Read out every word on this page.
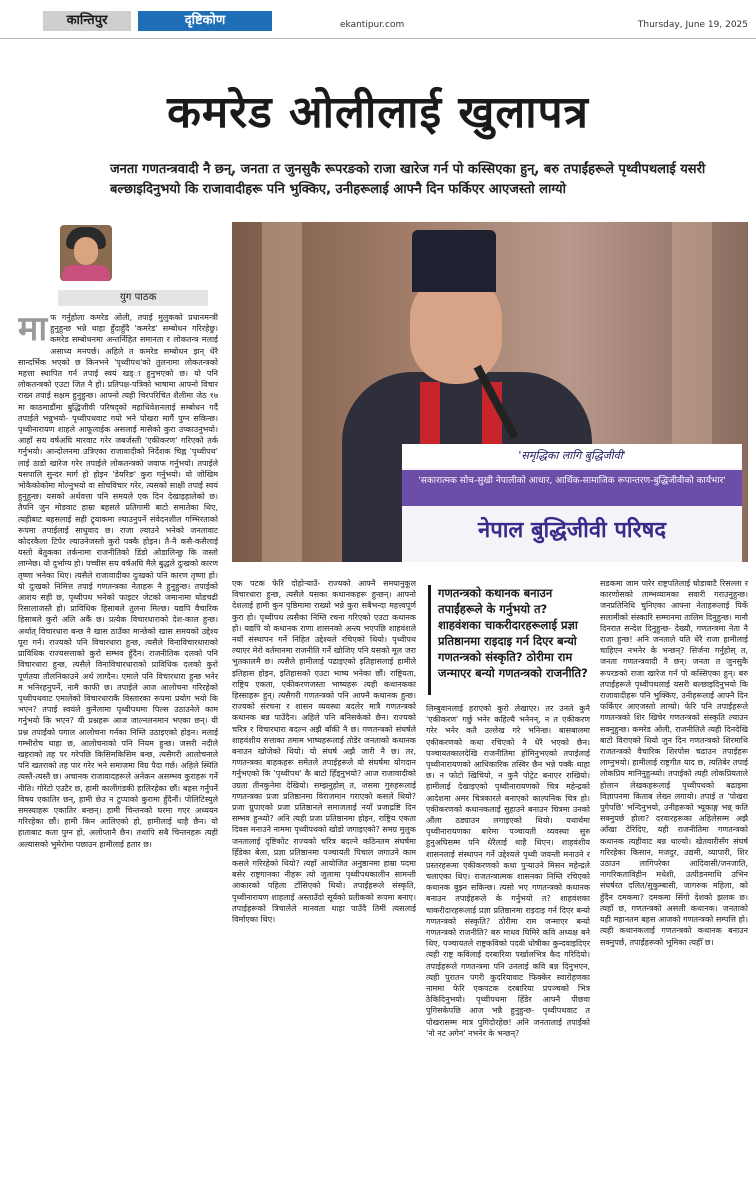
कान्तिपुर	दृष्टिकोण	ekantipur.com	Thursday, June 19, 2025
कमरेड ओलीलाई खुलापत्र
जनता गणतन्त्रवादी नै छन्, जनता त जुनसुकै रूपरङको राजा खारेज गर्न पो कस्सिएका हुन्, बरु तपाईंहरूले पृथ्वीपथलाई यसरी बल्छाइदिनुभयो कि राजावादीहरू पनि भुक्किए, उनीहरूलाई आफ्नै दिन फर्किएर आएजस्तो लाग्यो
युग पाठक
'समृद्धिका लागि बुद्धिजीवी'
'सकारात्मक सोच-सुखी नेपालीको आधार, आर्थिक-सामाजिक रूपान्तरण-बुद्धिजीवीको कार्यभार'
नेपाल बुद्धिजीवी परिषद
मा फ गर्नुहोला कमरेड ओली, तपाई मुलुकको प्रधानमन्त्री हुनुहुन्छ भन्ने थाहा हुँदाहुँदै 'कमरेड' सम्बोधन गरिरहेछु। कमरेड सम्बोधनमा अन्तर्निहित समानता र लोकतन्त्र मलाई असाध्य मनपर्छ। अहिले त कमरेड सम्बोधन झन् धेरै सान्दर्भिक भएको छ किनभने 'पृथ्वीपथ'को तुलनामा लोकतन्त्रको महत्ता स्थापित गर्न तपाई स्वयं खड्ा हुनुभएको छ। यो पनि लोकतन्त्रको एउटा जित नै हो। प्रतिपक्ष-पत्रिको भाषामा आफ्नो विचार राख्न तपाई सक्षम हुनुहुन्छ। आफ्नो त्यही चिरपरिचित शैलीमा जेठ १७ मा काठमाडौंमा बुद्धिजीवी परिषद्को महाधिवेशनलाई सम्बोधन गर्दै तपाईले भन्नुभयो- पृथ्वीपथवाट गयो भने पोखरा मार्गै पुग्न सकिन्छ। पृथ्वीनारायण शाहले आफूलाईक असलाई मासेको कुरा उप्काउनुभयो। आहाँ सय वर्षअघि मारवाट गरेर जबर्जस्ती 'एकीकरण' गरिएको तर्क गर्नुभयो। आन्दोलनमा उत्रिएका राजावादीको निर्देशक चिह्न 'पृथ्वीपथ' लाई ठाडो खारेज गरेर तपाईले लोकतन्त्रको जवाफ गर्नुभयो। तपाईले यसपालि सुन्दर मार्ग हो होइन 'डेयरिङ' कुरा गर्नुभयो। यो जोखिम भोकैकोकोमा मोल्नुभयो वा सोचविचार गरेर, त्यसको साक्षी तपाई स्वयं हुनुहुन्छ। यसको अर्थवत्ता पनि समयले एक दिन देखाइहालेको छ। तैपनि जुन मोडवाट हाम्रा बहसले प्रतिगामी बाटो समातेका थिए, त्यहीबाट बहसलाई सही ट्र्याकमा ल्याउनुपर्ने संवेदनशील गम्भिरताको रूपमा तपाईलाई साधुवाद छ। राजा ल्याउने भनेको जनतावाट कोदरकैला टिपेर ल्याउनेजस्तो कुरो पक्कै होइन। तै-नै कसै-कसैलाई यस्तो बेतुकका तर्कनामा राजनीतिको डिंडो ओडालिन्छु कि जस्तो लाग्नेछ। यो दुर्भाग्य हो। पच्चीस सय वर्षअघि मैले बुद्धले दुःखको कारण तृष्णा भनेका थिए। त्यसैले राजावादीका दुःखको पनि कारण तृष्णा हो। यो दुःखको निमित्त तपाई गणतन्त्रका नेताहरू नै हुनुहुन्छ। तपाईको आशय सही छ, पृथ्वीपथ भनेको फाइटर जेटको जमानामा घोडचढी रिसालाजस्तै हो। प्राविधिक हिसाबले तुलना मिल्छ। यद्यपि वैचारिक हिसाबले कुरो अलि अर्कै छ। प्रत्येक विचारधाराको देश-काल हुन्छ। अर्थात् विचारधारा बन्छ नै खास ठाउँका मान्छेको खास समयको उद्देश्य पूरा गर्न। राज्यको पनि विचारधारा हुन्छ, त्यसैले विनाविचारधाराको प्राविधिक राज्यसत्ताको कुरो सम्भव हुँदैन। राजनीतिक दलको पनि विचारधारा हुन्छ, त्यसैले विनाविचारधाराको प्राविधिक दलको कुरो पूर्णतया तौलनिकाउने अर्थ लाग्दैन। एमाले पनि विचारधारा हुन्छ भनेर म भनिरहनुपर्ने, नामै काफी छ। तपाईले आज आलोचना गरिरहेको पृथ्वीपथवाट एमालेको विचारधाराकै विस्तारका रूपमा प्रयोग भयो कि भएन? तपाई स्वयंले कुनैलामा पृथ्वीपथमा पिल्स उठाउनेले काम गर्नुभयो कि भएन? यी प्रश्नहरू आज जाल्नलनमान भएका छन्। यी प्रश्न तपाईको पगाल आलोचना गर्नका निम्ति उठाइएको होइन। मलाई गम्भीरोच थाहा छ, आलोचनाको पनि नियम हुन्छ। जसरी नदीले खहराको तह पर गरेपछि किसिमकिसिम बन्छ, त्यसैगरी आलोचनाले पनि खतराको तह पार गरेर भने समाजमा विग्र पैदा गर्छ। अहिले स्थिति त्यस्तै-त्यस्तै छ। अचानक राजावादहरूले अनेकन असम्भव कुराहरू गर्ने नीति। गोरेटो एउटैर छ, हामी कालीगंडकी हालिरहेका छौं। बहस गर्नुपर्ने विषय एकातिर छन्, हामी छेउ न टुप्पाको कुरामा हुँदैनौं। पोलिटिस्युले समस्याहरू एकातिर बन्छन्। हामी चिन्तनको घरमा गएर अध्ययन गरिरहेका छौं। हामी किन आलिएको हो, हामीलाई थाहै छैन। यो हाताबाट कता पुग्न हो, अलोप्तानै छैन। तथापि सबै चिन्तनहरू त्यही अल्यासको भुमेरोमा पछाउन हामीलाई हतार छ।
एक पटक फेरि दोहोऱ्याउँ- राज्यको आफ्नै समयानुकूल विचारधारा हुन्छ, त्यसैले यसका कथानकहरू हुन्छन्। आफ्नो देशलाई हामी कुन पृष्ठिमामा राख्यो भन्ने कुरा सबैभन्दा महत्त्वपूर्ण कुरा हो। पृथ्वीपथ त्यसैका निम्ति रचना गरिएको एउटा कथानक हो। यद्यपि यो कथानक राणा शासनको अन्त्य भएपछि शाहवंशले नयाँ संस्थापन गर्ने निहित उद्देश्यले रचिएको थियो। पृथ्वीपथ ल्याएर मेरो वर्तमानमा राजनीति गर्ने खोजिए पनि यसको मूल जरा भुतकालमै छ। त्यसैले हामीलाई पढाइएको इतिहासलाई हामीले इतिहास होइन, इतिहासको एउटा भाष्य भनेका छौं। राष्ट्रियता, राष्ट्रिय एकता, एकीकरणजस्ता भाष्यहरू त्यही कथानकका हिस्साहरू हुन्। त्यसैगरी गणतन्त्रको पनि आफ्नै कथानक हुन्छ। राज्यको संरचना र शासन व्यवस्था बदलेर मात्रै गणतन्त्रको कथानक बन्न पाउँदैन। अहिले पनि बनिसकेको छैन। राज्यको चरित्र र विचारधारा बदल्न अझै बाँकी नै छ। गणतन्त्रको संघर्षले शाहवंशीय सत्ताका तमाम भाष्यहरूलाई तोडेर जनताको कथानक बनाउन खोजेको थियो। यो संघर्ष अझै जारी नै छ। तर, गणतन्त्रका बाहकहरू समेतले तपाईहरूले यो संघर्षमा योगदान गर्नुभएको कि 'पृथ्वीपथ' कै बाटो हिँड्नुभयो? आज राजावादीको उग्रता तीनकुनेमा देखियो। सम्झनुहोस् त, जसमा गुरुहरूलाई गणतन्त्रका प्रजा प्रतिष्ठानमा विराजमान गराएको कसले थियो? प्रजा ग्रुपाएको प्रजा प्रतिष्ठानले समाजलाई नयाँ प्रजाद्रष्टि दिन सम्भव हुन्थ्यो? अनि त्यही प्रजा प्रतिष्ठानमा होइन, राष्ट्रिय एकता दिवस मनाउने नाममा पृथ्वीपथको खोडो जगाइएको? समग्र मुलुक जनतालाई दृष्टिकोट राज्यको चरित्र बदल्ने कठिनतम संघर्षमा हिँडेका बेला, प्रज्ञा प्रतिष्ठानमा पञ्चायती पिचाल जगाउने काम कसले गरिरहेको थियो? त्यहाँ आयोजित अनुष्ठानमा हाम्रा पदमा बसेर राष्ट्रगानका नीहरू त्यो जुलामा पृथ्वीपथकालीन सामन्ती आकारको पहिला टाँसिएको थियो। तपाईंहरूले संस्कृति, पृथ्वीनारायण शाहलाई अस्ताउँदो सूर्यको प्रतीकको रूपमा बनाए। तपाईहरूको त्रिचालेले मानवता थाहा पाउँदै तिमी त्यसलाई विर्माएका थिए।
गणतन्त्रको कथानक बनाउन तपाईंहरूले के गर्नुभयो त? शाहवंशका चाकरीदारहरूलाई प्रज्ञा प्रतिष्ठानमा राइदाइ गर्न दिएर बन्यो गणतन्त्रको संस्कृति? ठोरीमा राम जन्माएर बन्यो गणतन्त्रको राजनीति?
लिम्बुवानलाई हराएको कुरो लेखाएर। तर उनले कुनै 'एकीकरण' गर्छु भनेर कहिल्यै भनेनन्, न त एकीकरण गरेर भनेर कतै उल्लेख गरे भनिन्छ। बासबालमा एकीकरणको कथा रचिएको नै धेरै भएको छैन। पञ्चायतकालदेखि राजनीतिमा होमिनुभएको तपाईलाई पृथ्वीनारायणको आधिकारिक तस्विर छैन भन्ने पक्कै थाहा छ। न फोटो खिचियो, न कुनै पोट्रेट बनाएर राखियो। हामीलाई देखाइएको पृथ्वीनारायणको चित्र महेन्द्रको आदेशमा अमर चित्रकारले बनाएको काल्पनिक चित्र हो। एकीकरणको कथानकलाई सुहाउने बनाउन चित्रमा उनको औंला ठड्याउन लगाइएको थियो। यथार्थमा पृथ्वीनारायणका बारेमा पञ्चायती व्यवस्था सुरु हुनुअघिसम्म पनि धेरैलाई थाहै थिएन। शाहवंशीय शासनलाई संस्थापन गर्ने उद्देश्यले पृथ्वी जयन्ती मनाउने र प्रस्तरहरूमा एकीकरणको कथा पुऱ्याउने मिसन महेन्द्रले चलाएका थिए। राजतन्त्रात्मक शासनका निम्ति रचिएको कथानक बुझ्न सकिन्छ। त्यसो भए गणतन्त्रको कथानक बनाउन तपाईहरूले के गर्नुभयो त? शाहवंशका चाकरीदारहरूलाई प्रज्ञा प्रतिष्ठानमा राइदाइ गर्न दिएर बन्यो गणतन्त्रको संस्कृति? ठोरीमा राम जन्माएर बन्यो गणतन्त्रको राजनीति? बरु माधव घिमिरे कवि अध्यक्ष बने थिए, पञ्चायतले राष्ट्रकविको पदवी धोषीका कुन्दवाइदिएर त्यही राष्ट्र कविलाई दरबारिया पर्खालभित्र कैद गरिदियो। तपाईहरूले गणतन्त्रमा पनि उनलाई कवि बन्न दिनुभएन, त्यही पुरातन पगरी कुदरियावाट फिक्केर स्वारोहणका नाममा फेरि एकपटक दरबारिया प्रपञ्चको भित्र ठेकिदिनुभयो। पृथ्वीपथमा हिँडेर आफ्नै पीछवा पुगिसकेपछि आज भन्नै हुनुहुन्छ- पृथ्वीपथवाट त पोखरासम्म मात्र पुगिदोरहेछ! अनि जनतालाई तपाईंको 'नो नट अगेन' नभनेर के भन्छन्?
सडकमा जाम पारेर राष्ट्रपतिलाई घोडावाटै रिसल्ला र कारणोसको ताम्भव्यामका सवारी गराउनुहुन्छ। जनप्रतिनिधि चुनिएका आफ्ना नेताहरूलाई पिर्के सलामीको संस्कारि सम्मानमा तालिम दिनुहुन्छ। मानौ दिनरात सन्देश दिनुहुन्छ- देख्यौ, गणतन्त्रमा नेता नै राजा हुन्छ! अनि जनताले यति धेरै राजा हामीलाई चाहिएन नभनेर के भन्छन्? सिर्जना गर्नुहोस् त, जनता गणतन्त्रवादी नै छन्। जनता त जुनसुकै रूपरङको राजा खारेज गर्न पो कस्सिएका हुन्। बरु तपाईंहरूले पृथ्वीपथलाई यसरी बल्छाइदिनुभयो कि राजावादीहरू पनि भुक्किए, उनीहरूलाई आफ्नै दिन फर्किएर आएजस्तो लाग्यो। फेरि पनि तपाईंहरूले गणतन्त्रको शिर खिचेर गणतन्त्रको संस्कृति ल्याउन सक्नुहुन्छ। कमरेड ओली, राजनीतिले त्यही दिनदेखि बाटो विराएको थियो जुन दिन गणतन्त्रको शिरमाथि राजतन्त्रको वैचारिक शिरपोस चढाउन तपाईहरू लाग्नुभयो। हामीलाई राष्ट्रगीत याद छ, त्यतिबेर तपाई लोकप्रिय मानिनुहुन्थ्यो। तपाईको त्यही लोकप्रियताले होलान लेखकहरूलाई पृथ्वीपथको बढाइमा विज्ञापनमा किताब लेख्न लगायो। तपाई त 'पोखरा पुगेपछि' भन्दिनुभयो, उनीहरूको भ्यूकाङ्ग भन्न् कति सक्नुपर्छ होला? दरवारहरूका अहिलेसम्म अझै आँखा टेरिदिए, यही राजनीतिमा गणतन्त्रको कथानक त्यहीवाट बन्न थाल्यो। खेतवारीसँग संघर्ष गरिरहेका किसान, मजदुर, उद्यमी, व्यापारी, शिर उठाउन लागिपरेका आदिवासी/जनजाति, नागरिकताविहीन मधेशी, उत्पीडनमाथि उभिन संघर्षरत दलित/सुकुम्बासी, जागरुक महिला, को हुँदैन दमकमा? दमकमा सिंगो देशको झलक छ। त्यहाँ छ, गणतन्त्रको असली कथानक। जनताको यही महानतम बहस आजको गणतन्त्रको सम्पत्ति हो। त्यही कथानकलाई गणतन्त्रको कथानक बनाउन सक्नुपर्छ, तपाईंहरूको भूमिका त्यहीँ छ।
